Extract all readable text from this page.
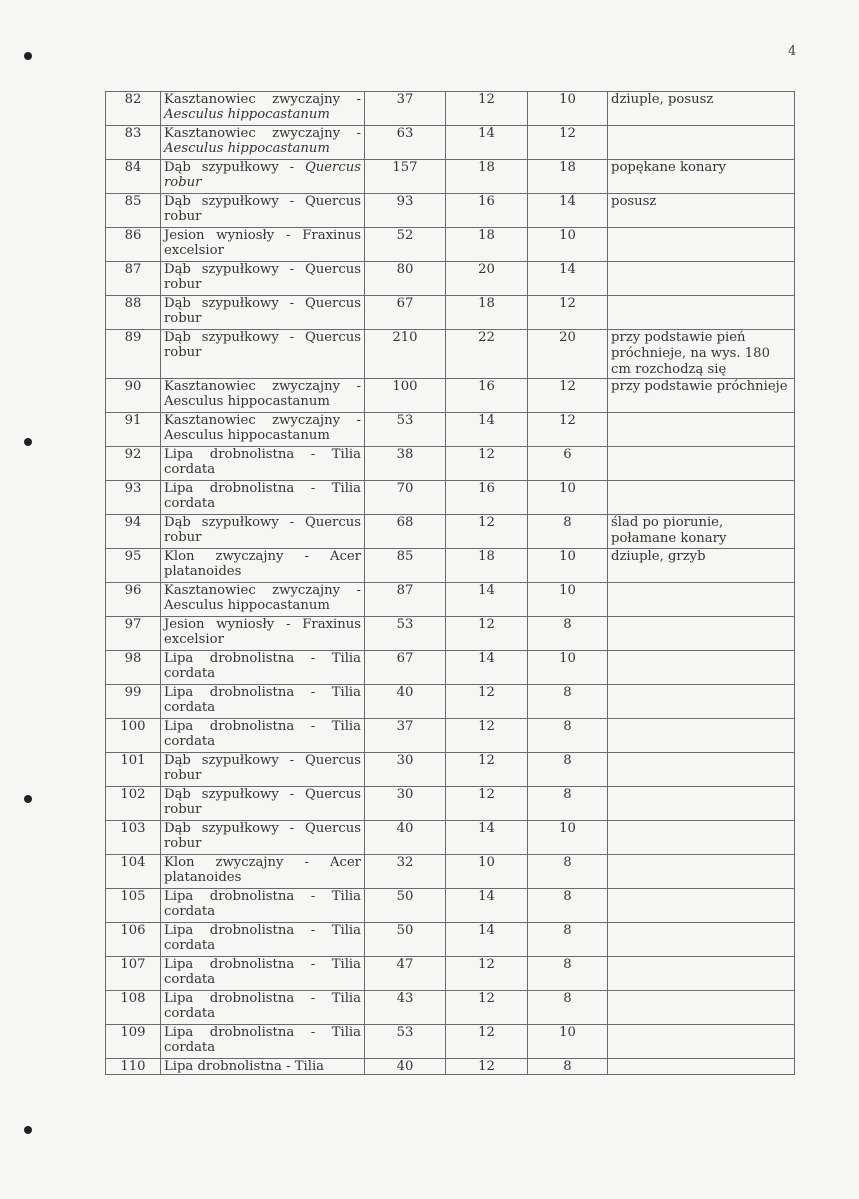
4
82	Kasztanowiec zwyczajny - Aesculus hippocastanum	37	12	10	dziuple, posusz
83	Kasztanowiec zwyczajny - Aesculus hippocastanum	63	14	12	
84	Dąb szypułkowy - Quercus robur	157	18	18	popękane konary
85	Dąb szypułkowy - Quercus robur	93	16	14	posusz
86	Jesion wyniosły - Fraxinus excelsior	52	18	10	
87	Dąb szypułkowy - Quercus robur	80	20	14	
88	Dąb szypułkowy - Quercus robur	67	18	12	
89	Dąb szypułkowy - Quercus robur	210	22	20	przy podstawie pień próchnieje, na wys. 180 cm rozchodzą się
90	Kasztanowiec zwyczajny - Aesculus hippocastanum	100	16	12	przy podstawie próchnieje
91	Kasztanowiec zwyczajny - Aesculus hippocastanum	53	14	12	
92	Lipa drobnolistna - Tilia cordata	38	12	6	
93	Lipa drobnolistna - Tilia cordata	70	16	10	
94	Dąb szypułkowy - Quercus robur	68	12	8	ślad po piorunie, połamane konary
95	Klon zwyczajny - Acer platanoides	85	18	10	dziuple, grzyb
96	Kasztanowiec zwyczajny - Aesculus hippocastanum	87	14	10	
97	Jesion wyniosły - Fraxinus excelsior	53	12	8	
98	Lipa drobnolistna - Tilia cordata	67	14	10	
99	Lipa drobnolistna - Tilia cordata	40	12	8	
100	Lipa drobnolistna - Tilia cordata	37	12	8	
101	Dąb szypułkowy - Quercus robur	30	12	8	
102	Dąb szypułkowy - Quercus robur	30	12	8	
103	Dąb szypułkowy - Quercus robur	40	14	10	
104	Klon zwyczajny - Acer platanoides	32	10	8	
105	Lipa drobnolistna - Tilia cordata	50	14	8	
106	Lipa drobnolistna - Tilia cordata	50	14	8	
107	Lipa drobnolistna - Tilia cordata	47	12	8	
108	Lipa drobnolistna - Tilia cordata	43	12	8	
109	Lipa drobnolistna - Tilia cordata	53	12	10	
110	Lipa drobnolistna - Tilia	40	12	8	
